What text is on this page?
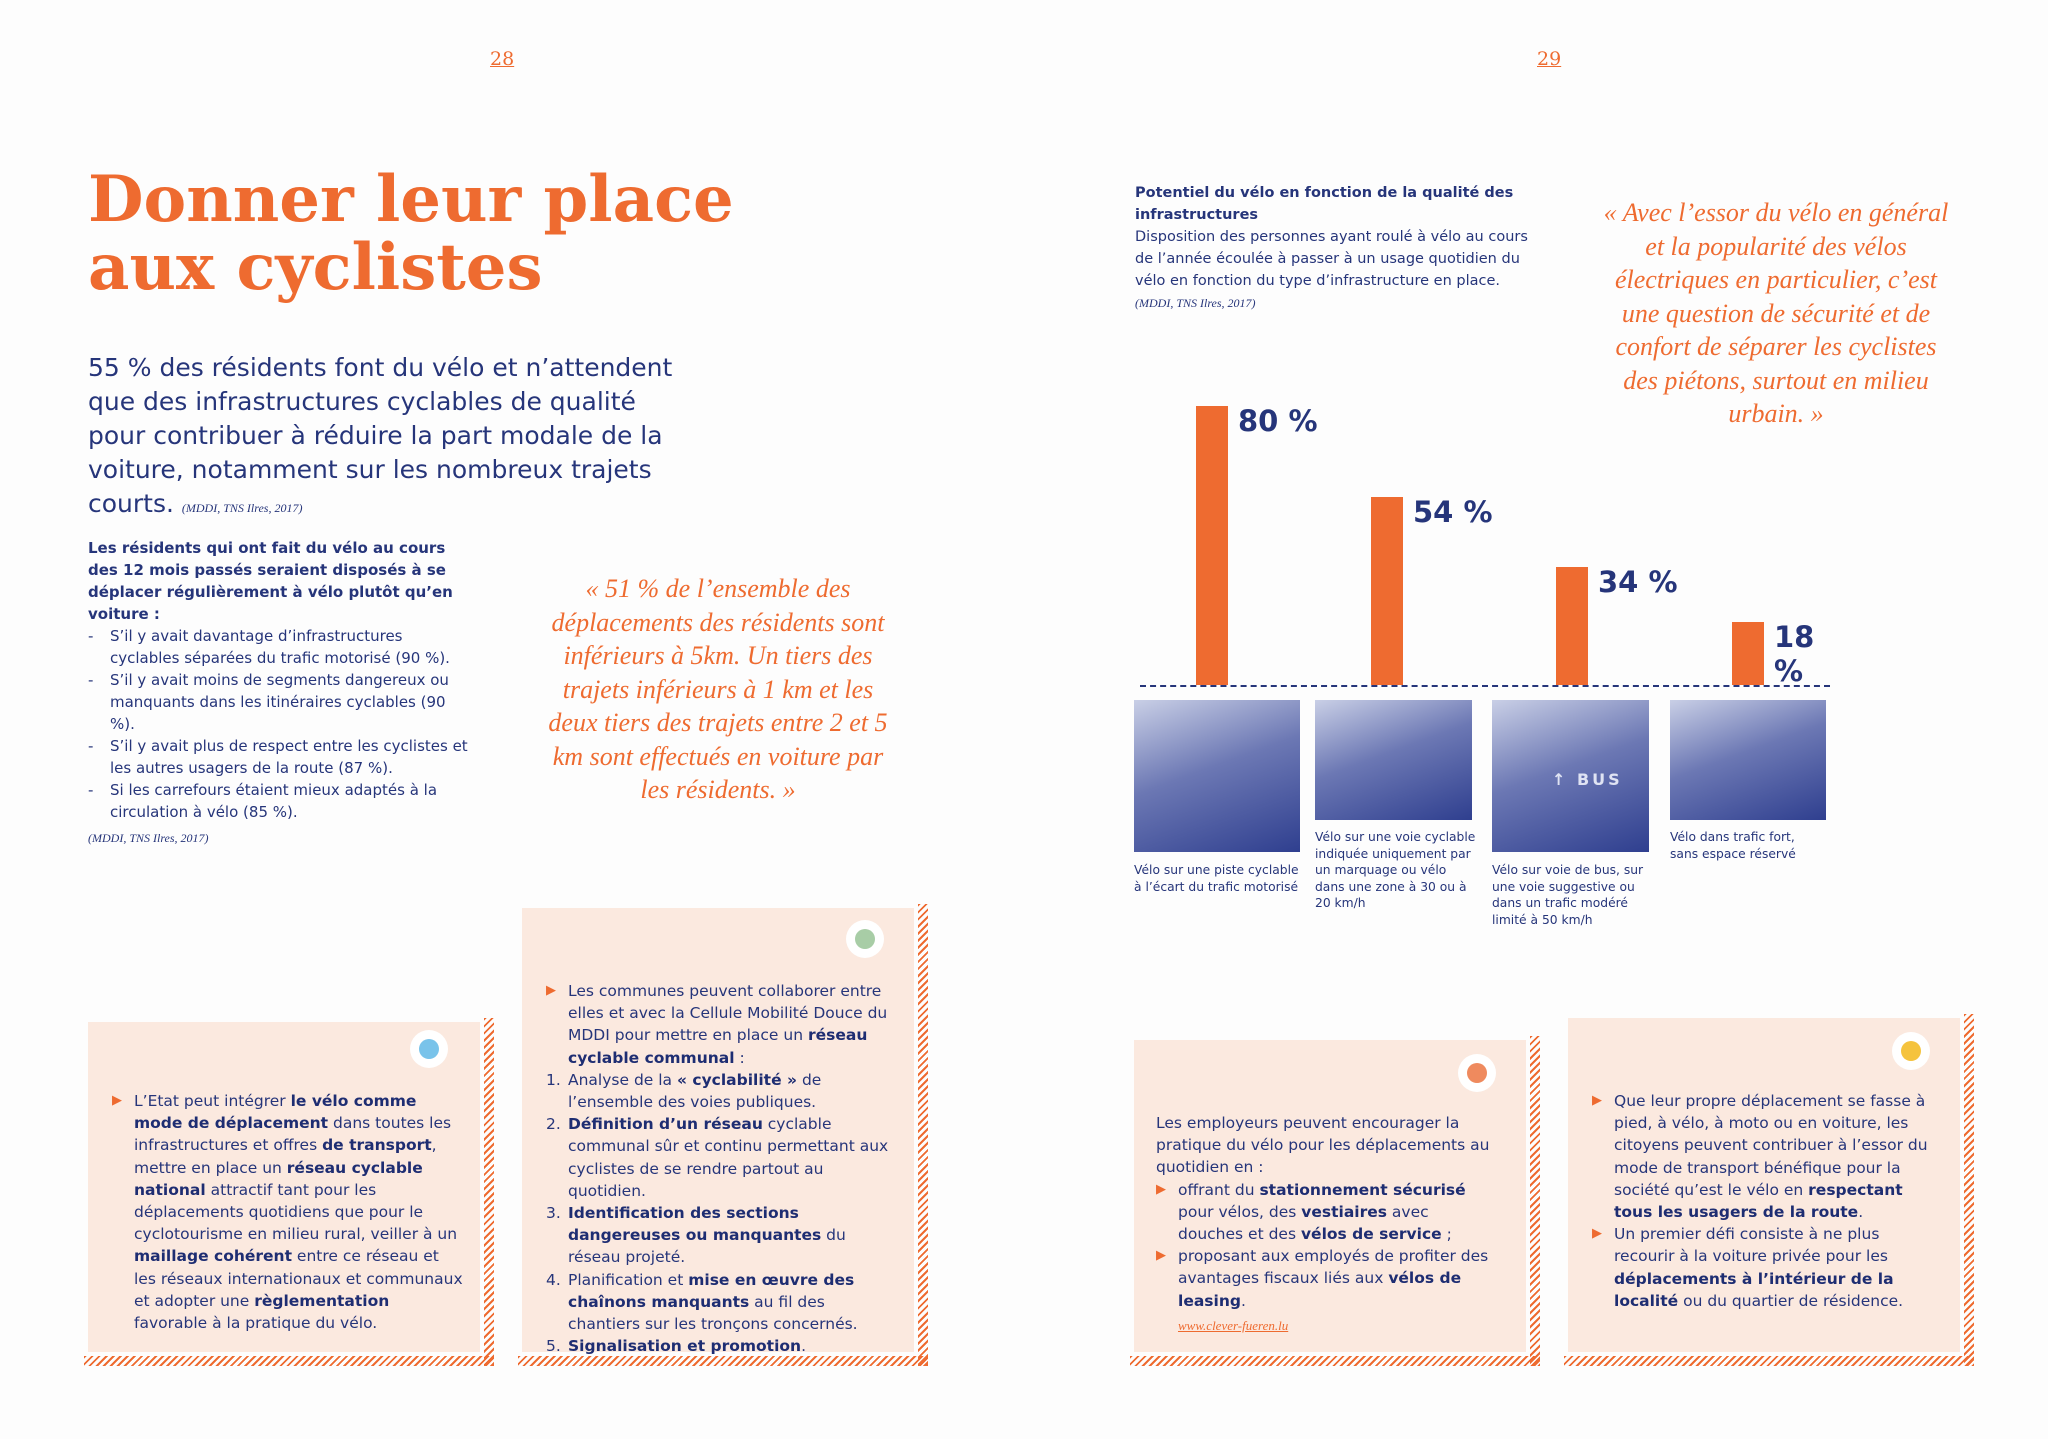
28	29
Donner leur place
aux cyclistes
55 % des résidents font du vélo et n’attendent que des infrastructures cyclables de qualité pour contribuer à réduire la part modale de la voiture, notamment sur les nombreux trajets courts. (MDDI, TNS Ilres, 2017)
Les résidents qui ont fait du vélo au cours des 12 mois passés seraient disposés à se déplacer régulièrement à vélo plutôt qu’en voiture :
- S’il y avait davantage d’infrastructures cyclables séparées du trafic motorisé (90 %).
- S’il y avait moins de segments dangereux ou manquants dans les itinéraires cyclables (90 %).
- S’il y avait plus de respect entre les cyclistes et les autres usagers de la route (87 %).
- Si les carrefours étaient mieux adaptés à la circulation à vélo (85 %).
(MDDI, TNS Ilres, 2017)
« 51 % de l’ensemble des déplacements des résidents sont inférieurs à 5km. Un tiers des trajets inférieurs à 1 km et les deux tiers des trajets entre 2 et 5 km sont effectués en voiture par les résidents. »
« Avec l’essor du vélo en général et la popularité des vélos électriques en particulier, c’est une question de sécurité et de confort de séparer les cyclistes des piétons, surtout en milieu urbain. »
Potentiel du vélo en fonction de la qualité des infrastructures
Disposition des personnes ayant roulé à vélo au cours de l’année écoulée à passer à un usage quotidien du vélo en fonction du type d’infrastructure en place.
(MDDI, TNS Ilres, 2017)
80 %
54 %
34 %
18 %
↑ BUS
Vélo sur une piste cyclable à l’écart du trafic motorisé
Vélo sur une voie cyclable indiquée uniquement par un marquage ou vélo dans une zone à 30 ou à 20 km/h
Vélo sur voie de bus, sur une voie suggestive ou dans un trafic modéré limité à 50 km/h
Vélo dans trafic fort, sans espace réservé
▶ L’Etat peut intégrer le vélo comme mode de déplacement dans toutes les infrastructures et offres de transport, mettre en place un réseau cyclable national attractif tant pour les déplacements quotidiens que pour le cyclotourisme en milieu rural, veiller à un maillage cohérent entre ce réseau et les réseaux internationaux et communaux et adopter une règlementation favorable à la pratique du vélo.
▶ Les communes peuvent collaborer entre elles et avec la Cellule Mobilité Douce du MDDI pour mettre en place un réseau cyclable communal :
1. Analyse de la « cyclabilité » de l’ensemble des voies publiques.
2. Définition d’un réseau cyclable communal sûr et continu permettant aux cyclistes de se rendre partout au quotidien.
3. Identification des sections dangereuses ou manquantes du réseau projeté.
4. Planification et mise en œuvre des chaînons manquants au fil des chantiers sur les tronçons concernés.
5. Signalisation et promotion.
Les employeurs peuvent encourager la pratique du vélo pour les déplacements au quotidien en :
▶ offrant du stationnement sécurisé pour vélos, des vestiaires avec douches et des vélos de service ;
▶ proposant aux employés de profiter des avantages fiscaux liés aux vélos de leasing.
www.clever-fueren.lu
▶ Que leur propre déplacement se fasse à pied, à vélo, à moto ou en voiture, les citoyens peuvent contribuer à l’essor du mode de transport bénéfique pour la société qu’est le vélo en respectant tous les usagers de la route.
▶ Un premier défi consiste à ne plus recourir à la voiture privée pour les déplacements à l’intérieur de la localité ou du quartier de résidence.
